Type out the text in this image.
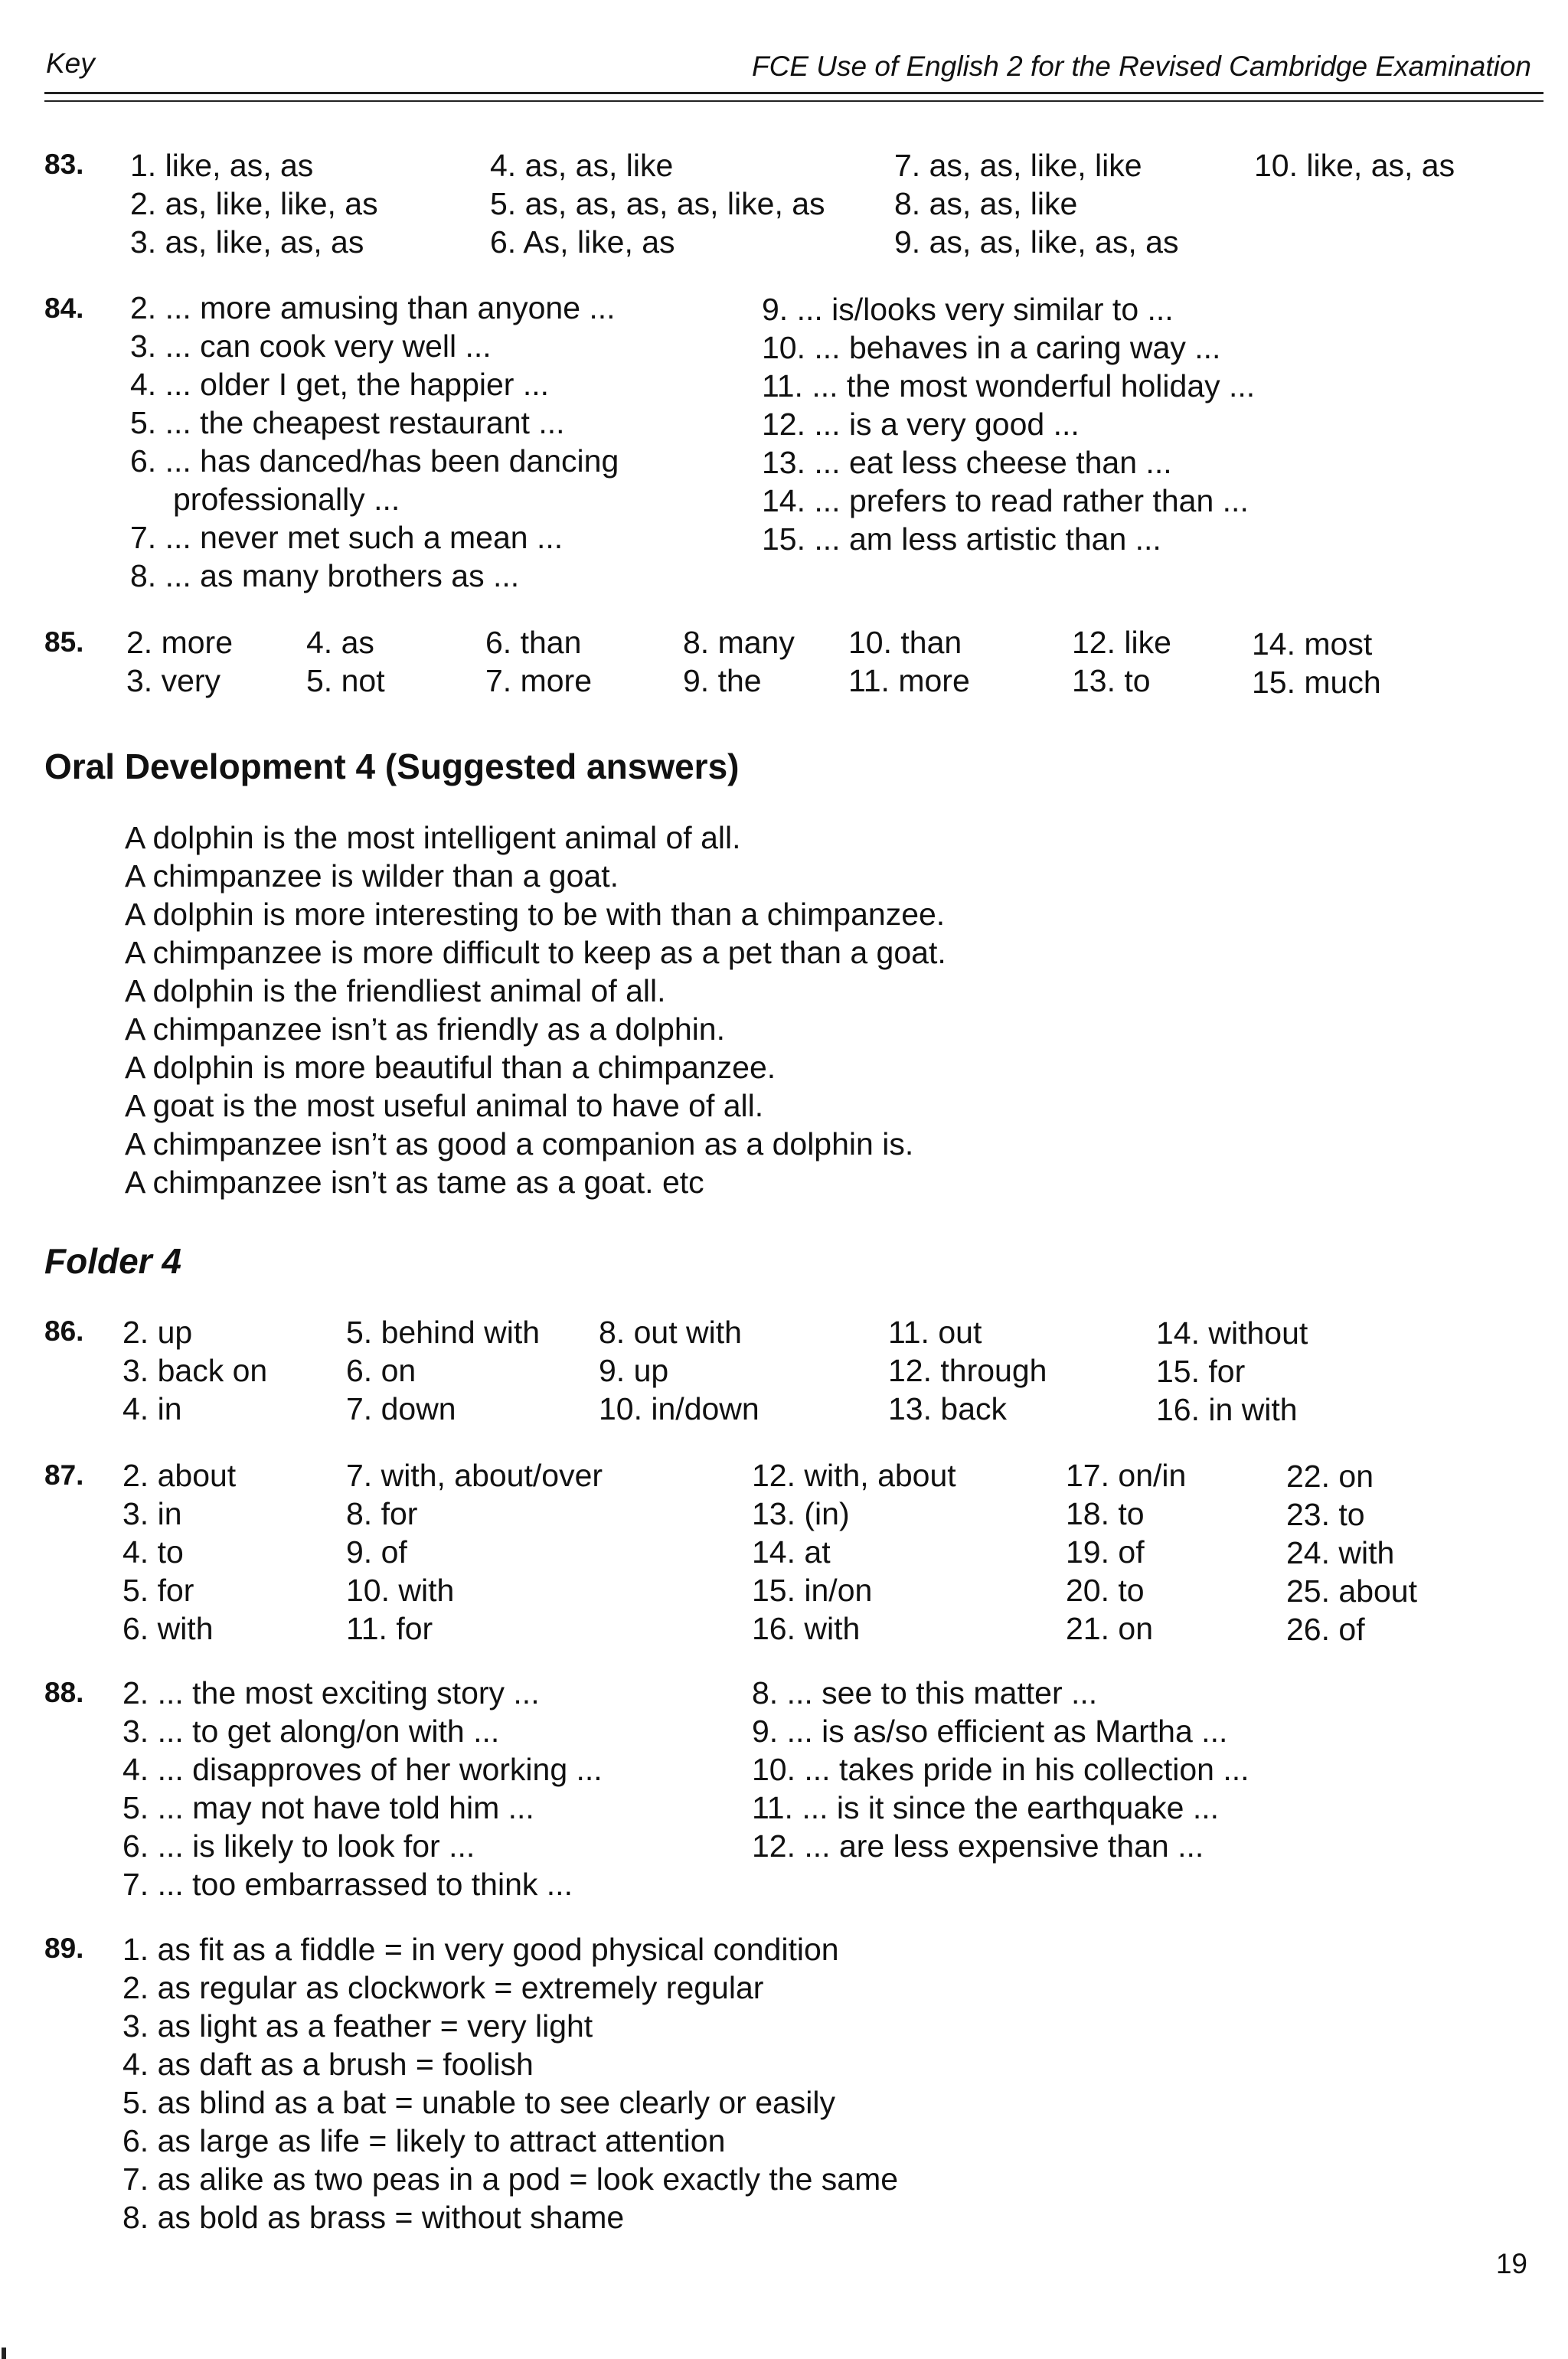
Key	FCE Use of English 2 for the Revised Cambridge Examination
83. 1. like, as, as
2. as, like, like, as
3. as, like, as, as
4. as, as, like
5. as, as, as, as, like, as
6. As, like, as
7. as, as, like, like
8. as, as, like
9. as, as, like, as, as
10. like, as, as
84. 2. ... more amusing than anyone ...
3. ... can cook very well ...
4. ... older I get, the happier ...
5. ... the cheapest restaurant ...
6. ... has danced/has been dancing
professionally ...
7. ... never met such a mean ...
8. ... as many brothers as ...
9. ... is/looks very similar to ...
10. ... behaves in a caring way ...
11. ... the most wonderful holiday ...
12. ... is a very good ...
13. ... eat less cheese than ...
14. ... prefers to read rather than ...
15. ... am less artistic than ...
85. 2. more
3. very
4. as
5. not
6. than
7. more
8. many
9. the
10. than
11. more
12. like
13. to
14. most
15. much
Oral Development 4 (Suggested answers)
A dolphin is the most intelligent animal of all.
A chimpanzee is wilder than a goat.
A dolphin is more interesting to be with than a chimpanzee.
A chimpanzee is more difficult to keep as a pet than a goat.
A dolphin is the friendliest animal of all.
A chimpanzee isn’t as friendly as a dolphin.
A dolphin is more beautiful than a chimpanzee.
A goat is the most useful animal to have of all.
A chimpanzee isn’t as good a companion as a dolphin is.
A chimpanzee isn’t as tame as a goat. etc
Folder 4
86. 2. up
3. back on
4. in
5. behind with
6. on
7. down
8. out with
9. up
10. in/down
11. out
12. through
13. back
14. without
15. for
16. in with
87. 2. about
3. in
4. to
5. for
6. with
7. with, about/over
8. for
9. of
10. with
11. for
12. with, about
13. (in)
14. at
15. in/on
16. with
17. on/in
18. to
19. of
20. to
21. on
22. on
23. to
24. with
25. about
26. of
88. 2. ... the most exciting story ...
3. ... to get along/on with ...
4. ... disapproves of her working ...
5. ... may not have told him ...
6. ... is likely to look for ...
7. ... too embarrassed to think ...
8. ... see to this matter ...
9. ... is as/so efficient as Martha ...
10. ... takes pride in his collection ...
11. ... is it since the earthquake ...
12. ... are less expensive than ...
89. 1. as fit as a fiddle = in very good physical condition
2. as regular as clockwork = extremely regular
3. as light as a feather = very light
4. as daft as a brush = foolish
5. as blind as a bat = unable to see clearly or easily
6. as large as life = likely to attract attention
7. as alike as two peas in a pod = look exactly the same
8. as bold as brass = without shame
19
